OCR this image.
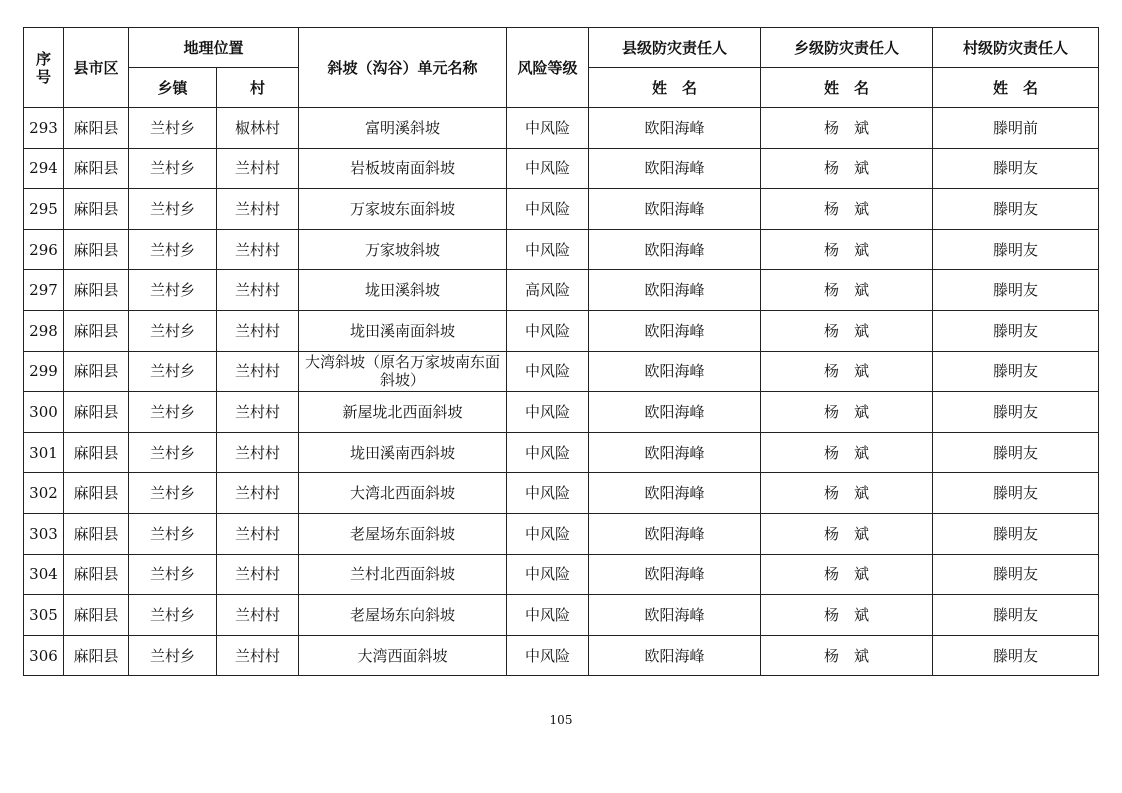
序
号	县市区	地理位置		斜坡（沟谷）单元名称	风险等级	县级防灾责任人	乡级防灾责任人	村级防灾责任人
		乡镇	村			姓　名	姓　名	姓　名
293	麻阳县	兰村乡	椒林村	富明溪斜坡	中风险	欧阳海峰	杨　斌	滕明前
294	麻阳县	兰村乡	兰村村	岩板坡南面斜坡	中风险	欧阳海峰	杨　斌	滕明友
295	麻阳县	兰村乡	兰村村	万家坡东面斜坡	中风险	欧阳海峰	杨　斌	滕明友
296	麻阳县	兰村乡	兰村村	万家坡斜坡	中风险	欧阳海峰	杨　斌	滕明友
297	麻阳县	兰村乡	兰村村	垅田溪斜坡	高风险	欧阳海峰	杨　斌	滕明友
298	麻阳县	兰村乡	兰村村	垅田溪南面斜坡	中风险	欧阳海峰	杨　斌	滕明友
299	麻阳县	兰村乡	兰村村	大湾斜坡（原名万家坡南东面斜坡）	中风险	欧阳海峰	杨　斌	滕明友
300	麻阳县	兰村乡	兰村村	新屋垅北西面斜坡	中风险	欧阳海峰	杨　斌	滕明友
301	麻阳县	兰村乡	兰村村	垅田溪南西斜坡	中风险	欧阳海峰	杨　斌	滕明友
302	麻阳县	兰村乡	兰村村	大湾北西面斜坡	中风险	欧阳海峰	杨　斌	滕明友
303	麻阳县	兰村乡	兰村村	老屋场东面斜坡	中风险	欧阳海峰	杨　斌	滕明友
304	麻阳县	兰村乡	兰村村	兰村北西面斜坡	中风险	欧阳海峰	杨　斌	滕明友
305	麻阳县	兰村乡	兰村村	老屋场东向斜坡	中风险	欧阳海峰	杨　斌	滕明友
306	麻阳县	兰村乡	兰村村	大湾西面斜坡	中风险	欧阳海峰	杨　斌	滕明友
105
